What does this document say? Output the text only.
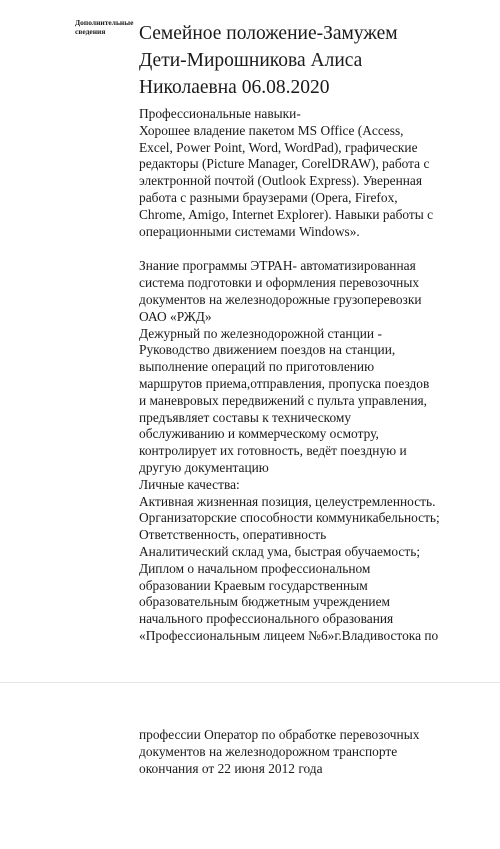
Дополнительные сведения	Семейное положение-Замужем
Дети-Мирошникова Алиса
Николаевна 06.08.2020

Профессиональные навыки-

Хорошее владение пакетом MS Office (Access,

Excel, Power Point, Word, WordPad), графические

редакторы (Picture Manager, CorelDRAW), работа с

электронной почтой (Outlook Express). Уверенная

работа с разными браузерами (Opera, Firefox,

Chrome, Amigo, Internet Explorer). Навыки работы с

операционными системами Windows».

Знание программы ЭТРАН- автоматизированная

система подготовки и оформления перевозочных

документов на железнодорожные грузоперевозки

ОАО «РЖД»

Дежурный по железнодорожной станции -

Руководство движением поездов на станции,

выполнение операций по приготовлению

маршрутов приема,отправления, пропуска поездов

и маневровых передвижений с пульта управления,

предъявляет составы к техническому

обслуживанию и коммерческому осмотру,

контролирует их готовность, ведёт поездную и

другую документацию

Личные качества:

Активная жизненная позиция, целеустремленность.

Организаторские способности коммуникабельность;

Ответственность, оперативность

Аналитический склад ума, быстрая обучаемость;

Диплом о начальном профессиональном

образовании Краевым государственным

образовательным бюджетным учреждением

начального профессионального образования

«Профессиональным лицеем №6»г.Владивостока по

профессии Оператор по обработке перевозочных

документов на железнодорожном транспорте

окончания от 22 июня 2012 года
